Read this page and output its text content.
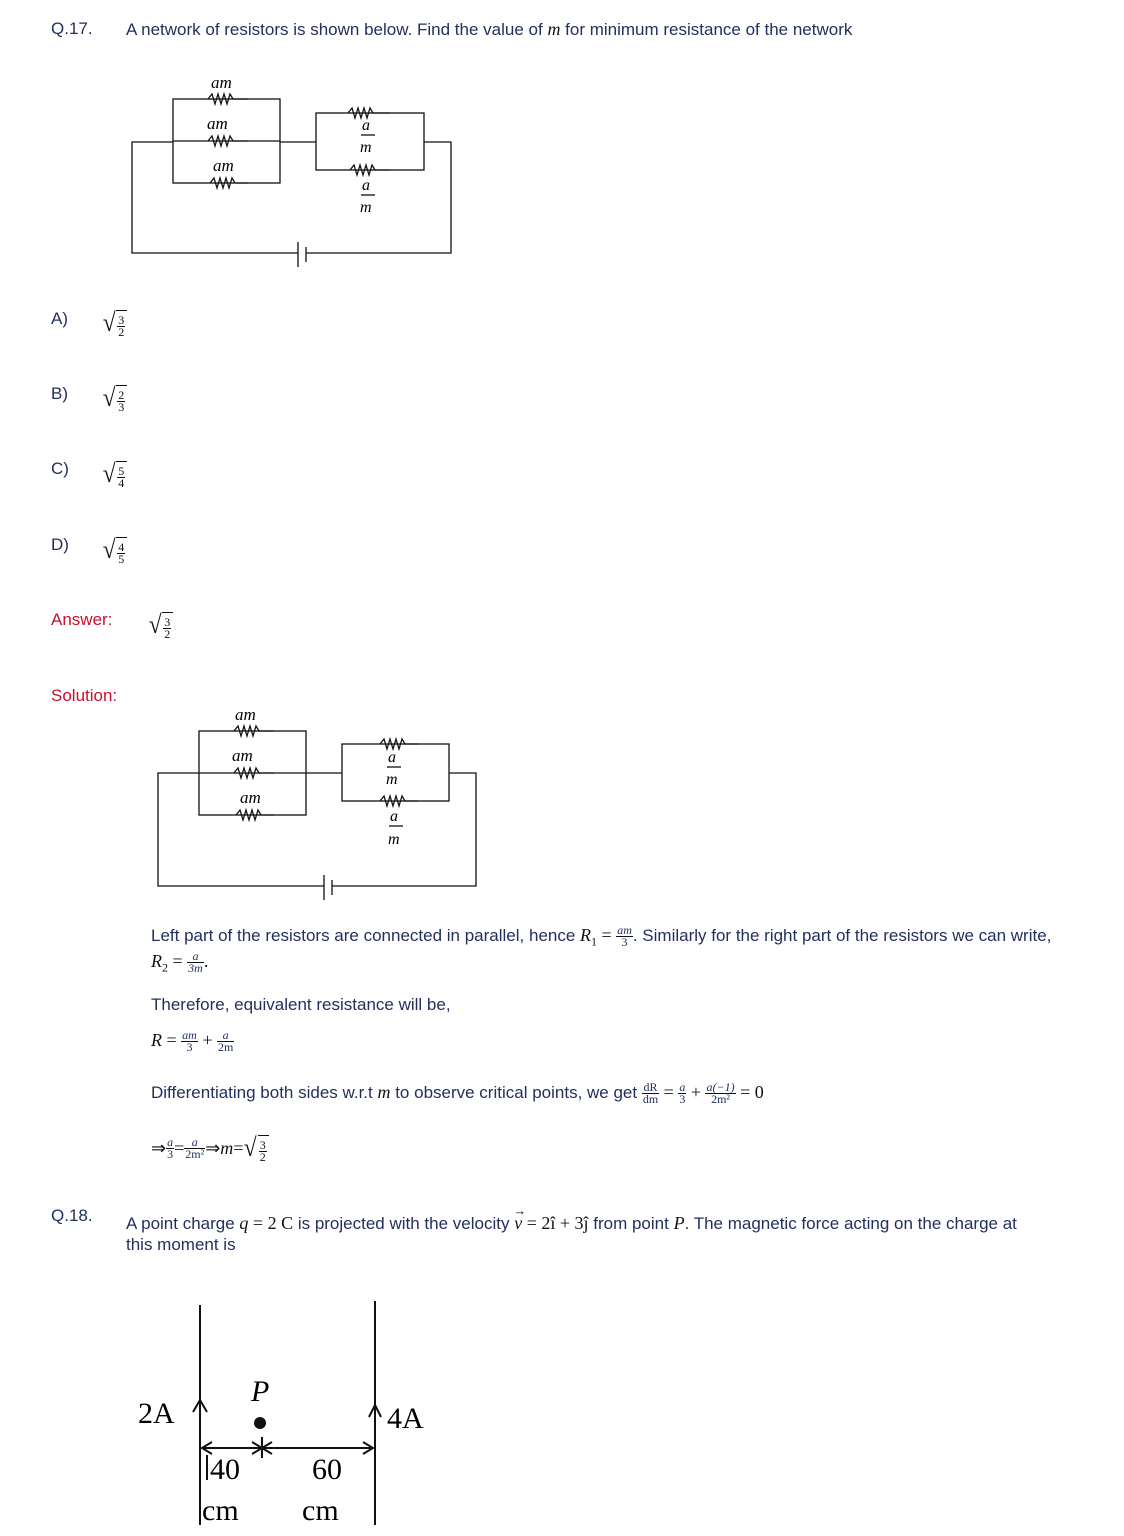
Q.17. A network of resistors is shown below. Find the value of m for minimum resistance of the network
am
am
am
a
m
a
m
A) √ $\frac{3}{2}$
B) √ $\frac{2}{3}$
C) √ $\frac{5}{4}$
D) √ $\frac{4}{5}$
Answer: √ $\frac{3}{2}$
Solution:
am
am
am
a
m
a
m
Left part of the resistors are connected in parallel, hence $R_1 = \frac{am}{3}$ . Similarly for the right part of the resistors we can write,
$R_2 = \frac{a}{3m}$ .
Therefore, equivalent resistance will be,
$R = \frac{am}{3} + \frac{a}{2m}$
Differentiating both sides w.r.t m to observe critical points, we get $\frac{dR}{dm} = \frac{a}{3} + \frac{a(-1)}{\text{2m²}} = 0$
⇒ $\frac{a}{3} = \frac{a}{\text{2m²}}$ ⇒ m = √ $\frac{3}{2}$
Q.18. A point charge q = 2 C is projected with the velocity
→
v = 2î + 3ĵ from point P. The magnetic force acting on the charge at
this moment is
2A	4A
P
40
cm
60
cm
